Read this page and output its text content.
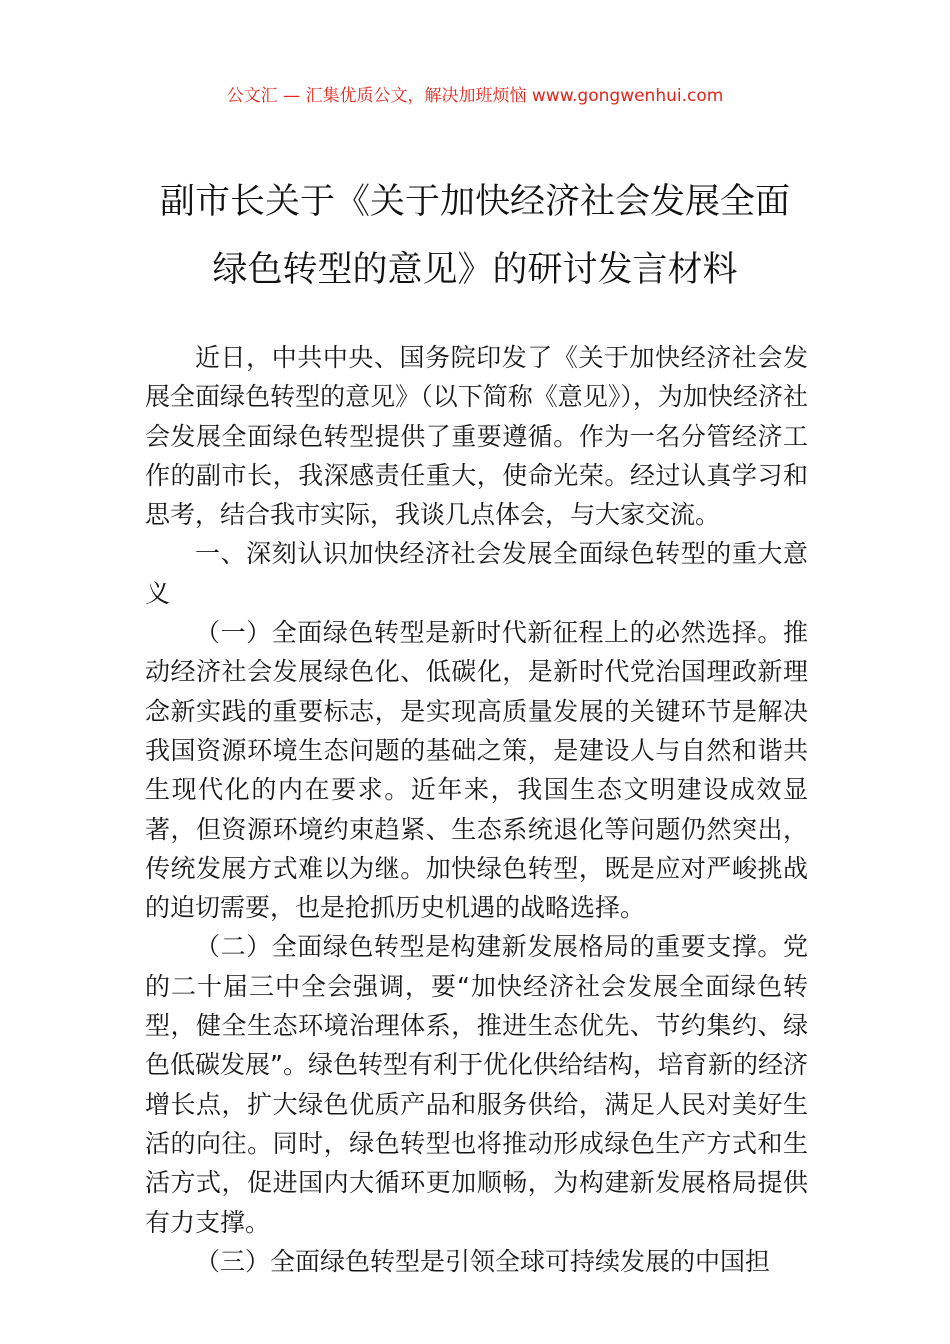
公文汇 — 汇集优质公文，解决加班烦恼 www.gongwenhui.com
副市长关于《关于加快经济社会发展全面
绿色转型的意见》的研讨发言材料

近日，中共中央、国务院印发了《关于加快经济社会发展全面绿色转型的意见》（以下简称《意见》），为加快经济社会发展全面绿色转型提供了重要遵循。作为一名分管经济工作的副市长，我深感责任重大，使命光荣。经过认真学习和思考，结合我市实际，我谈几点体会，与大家交流。

一、深刻认识加快经济社会发展全面绿色转型的重大意义

（一）全面绿色转型是新时代新征程上的必然选择。推动经济社会发展绿色化、低碳化，是新时代党治国理政新理念新实践的重要标志，是实现高质量发展的关键环节是解决我国资源环境生态问题的基础之策，是建设人与自然和谐共生现代化的内在要求。近年来，我国生态文明建设成效显著，但资源环境约束趋紧、生态系统退化等问题仍然突出，传统发展方式难以为继。加快绿色转型，既是应对严峻挑战的迫切需要，也是抢抓历史机遇的战略选择。

（二）全面绿色转型是构建新发展格局的重要支撑。党的二十届三中全会强调，要“加快经济社会发展全面绿色转型，健全生态环境治理体系，推进生态优先、节约集约、绿色低碳发展”。绿色转型有利于优化供给结构，培育新的经济增长点，扩大绿色优质产品和服务供给，满足人民对美好生活的向往。同时，绿色转型也将推动形成绿色生产方式和生活方式，促进国内大循环更加顺畅，为构建新发展格局提供有力支撑。

（三）全面绿色转型是引领全球可持续发展的中国担
